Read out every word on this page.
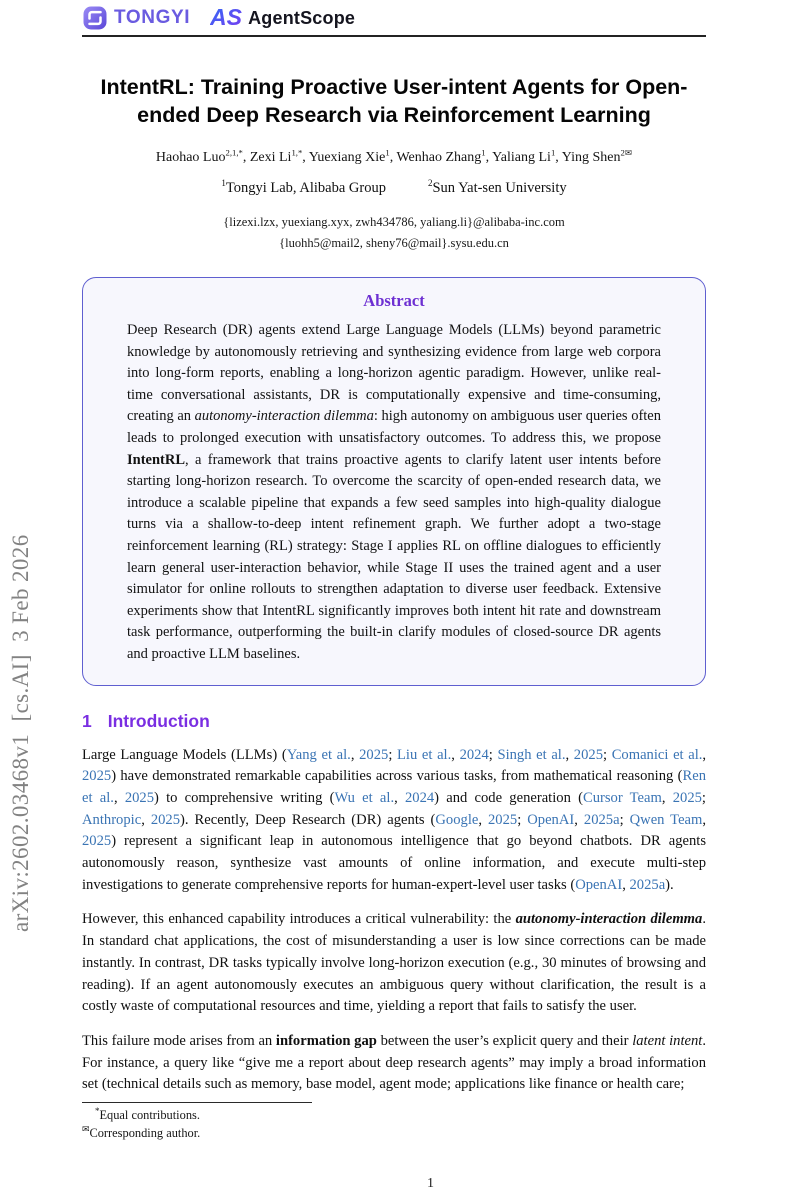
arXiv:2602.03468v1  [cs.AI]  3 Feb 2026
TONGYI AS AgentScope
IntentRL: Training Proactive User-intent Agents for Open-ended Deep Research via Reinforcement Learning
Haohao Luo$^{2,1,*}$, Zexi $Li^{1,*}$, Yuexiang Xie$^1$, Wenhao Zhang$^1$, Yaliang Li$^1$, Ying Shen$^{2✉}$
$^1$Tongyi Lab, Alibaba Group	$^2$Sun Yat-sen University
{lizexi.lzx, yuexiang.xyx, zwh434786, yaliang.li}@alibaba-inc.com
{luohh5@mail2, sheny76@mail}.sysu.edu.cn
Abstract
Deep Research (DR) agents extend Large Language Models (LLMs) beyond parametric knowledge by autonomously retrieving and synthesizing evidence from large web corpora into long-form reports, enabling a long-horizon agentic paradigm. However, unlike real-time conversational assistants, DR is computationally expensive and time-consuming, creating an autonomy-interaction dilemma: high autonomy on ambiguous user queries often leads to prolonged execution with unsatisfactory outcomes. To address this, we propose IntentRL, a framework that trains proactive agents to clarify latent user intents before starting long-horizon research. To overcome the scarcity of open-ended research data, we introduce a scalable pipeline that expands a few seed samples into high-quality dialogue turns via a shallow-to-deep intent refinement graph. We further adopt a two-stage reinforcement learning (RL) strategy: Stage I applies RL on offline dialogues to efficiently learn general user-interaction behavior, while Stage II uses the trained agent and a user simulator for online rollouts to strengthen adaptation to diverse user feedback. Extensive experiments show that IntentRL significantly improves both intent hit rate and downstream task performance, outperforming the built-in clarify modules of closed-source DR agents and proactive LLM baselines.
1 Introduction
Large Language Models (LLMs) (Yang et al., 2025; Liu et al., 2024; Singh et al., 2025; Comanici et al., 2025) have demonstrated remarkable capabilities across various tasks, from mathematical reasoning (Ren et al., 2025) to comprehensive writing (Wu et al., 2024) and code generation (Cursor Team, 2025; Anthropic, 2025). Recently, Deep Research (DR) agents (Google, 2025; OpenAI, 2025a; Qwen Team, 2025) represent a significant leap in autonomous intelligence that go beyond chatbots. DR agents autonomously reason, synthesize vast amounts of online information, and execute multi-step investigations to generate comprehensive reports for human-expert-level user tasks (OpenAI, 2025a).
However, this enhanced capability introduces a critical vulnerability: the autonomy-interaction dilemma. In standard chat applications, the cost of misunderstanding a user is low since corrections can be made instantly. In contrast, DR tasks typically involve long-horizon execution (e.g., 30 minutes of browsing and reading). If an agent autonomously executes an ambiguous query without clarification, the result is a costly waste of computational resources and time, yielding a report that fails to satisfy the user.
This failure mode arises from an information gap between the user’s explicit query and their latent intent. For instance, a query like “give me a report about deep research agents” may imply a broad information set (technical details such as memory, base model, agent mode; applications like finance or health care;
*Equal contributions.
✉Corresponding author.
1
